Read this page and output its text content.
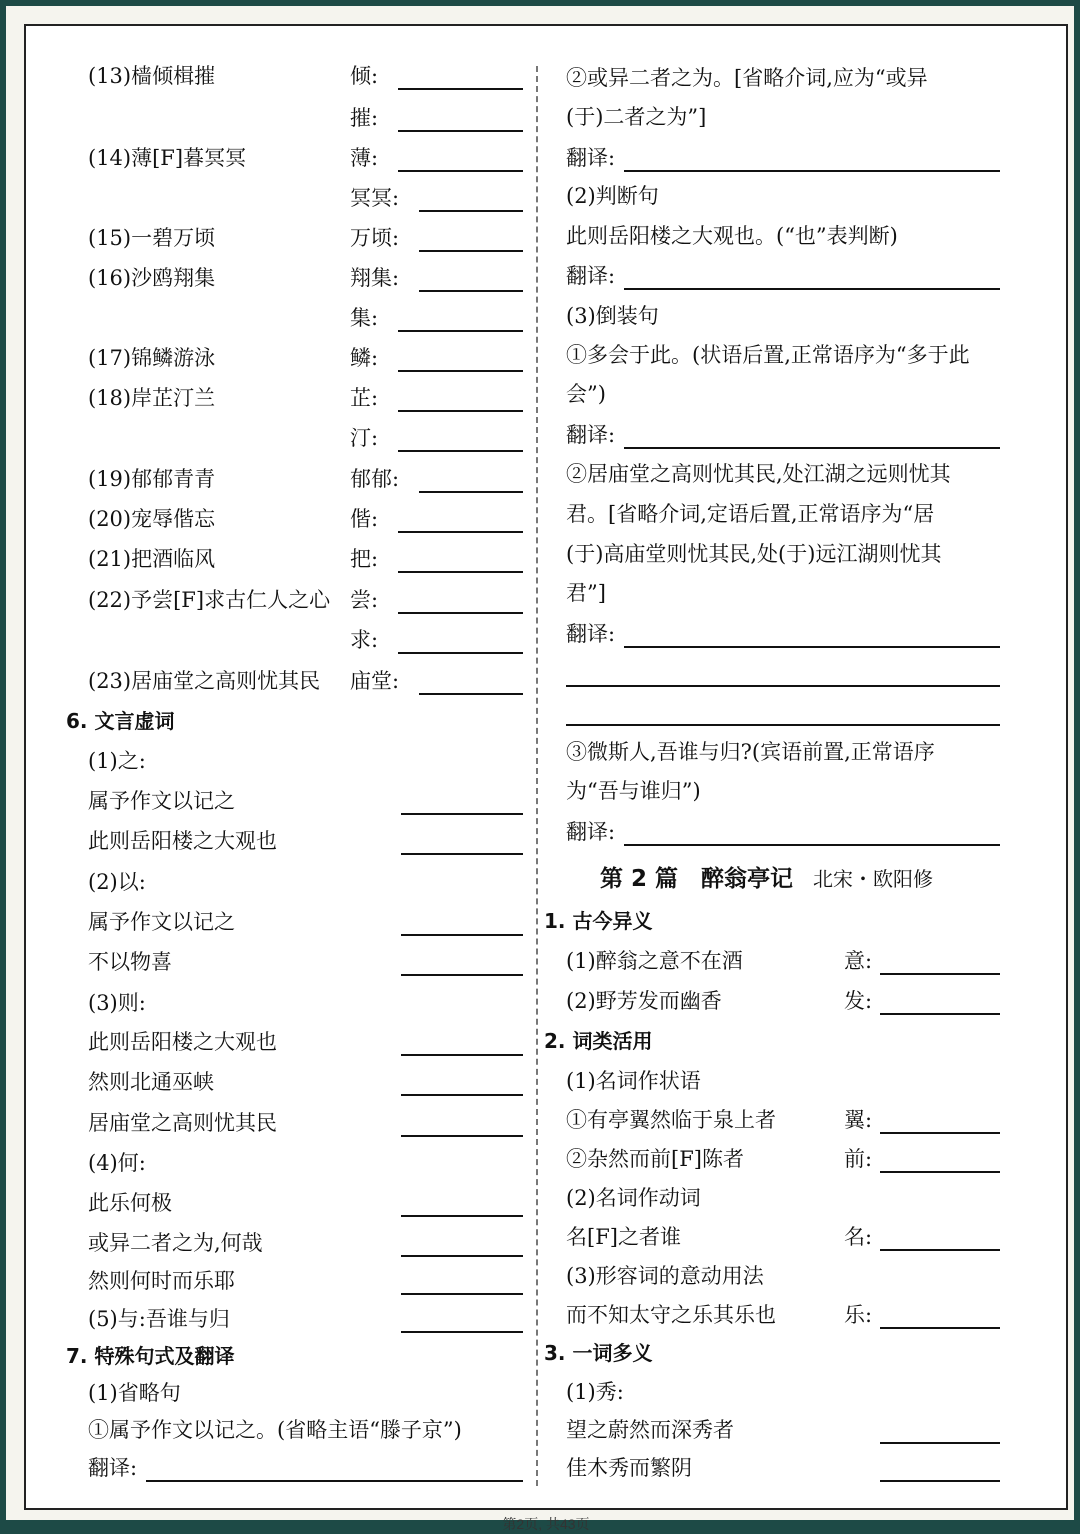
(13)樯倾楫摧	倾:
摧:
(14)薄[F]暮冥冥	薄:
冥冥:
(15)一碧万顷	万顷:
(16)沙鸥翔集	翔集:
集:
(17)锦鳞游泳	鳞:
(18)岸芷汀兰	芷:
汀:
(19)郁郁青青	郁郁:
(20)宠辱偕忘	偕:
(21)把酒临风	把:
(22)予尝[F]求古仁人之心 尝:
求:
(23)居庙堂之高则忧其民 庙堂:
6. 文言虚词
(1)之:
属予作文以记之
此则岳阳楼之大观也
(2)以:
属予作文以记之
不以物喜
(3)则:
此则岳阳楼之大观也
然则北通巫峡
居庙堂之高则忧其民
(4)何:
此乐何极
或异二者之为,何哉
然则何时而乐耶
(5)与:吾谁与归
7. 特殊句式及翻译
(1)省略句
①属予作文以记之。(省略主语“滕子京”)
翻译:
②或异二者之为。[省略介词,应为“或异
(于)二者之为”]
翻译:
(2)判断句
此则岳阳楼之大观也。(“也”表判断)
翻译:
(3)倒装句
①多会于此。(状语后置,正常语序为“多于此
会”)
翻译:
②居庙堂之高则忧其民,处江湖之远则忧其
君。[省略介词,定语后置,正常语序为“居
(于)高庙堂则忧其民,处(于)远江湖则忧其
君”]
翻译:
③微斯人,吾谁与归?(宾语前置,正常语序
为“吾与谁归”)
翻译:
第 2 篇　醉翁亭记 北宋・欧阳修
1. 古今异义
(1)醉翁之意不在酒	意:
(2)野芳发而幽香	发:
2. 词类活用
(1)名词作状语
①有亭翼然临于泉上者	翼:
②杂然而前[F]陈者	前:
(2)名词作动词
名[F]之者谁	名:
(3)形容词的意动用法
而不知太守之乐其乐也	乐:
3. 一词多义
(1)秀:
望之蔚然而深秀者
佳木秀而繁阴
第2页, 共43页
